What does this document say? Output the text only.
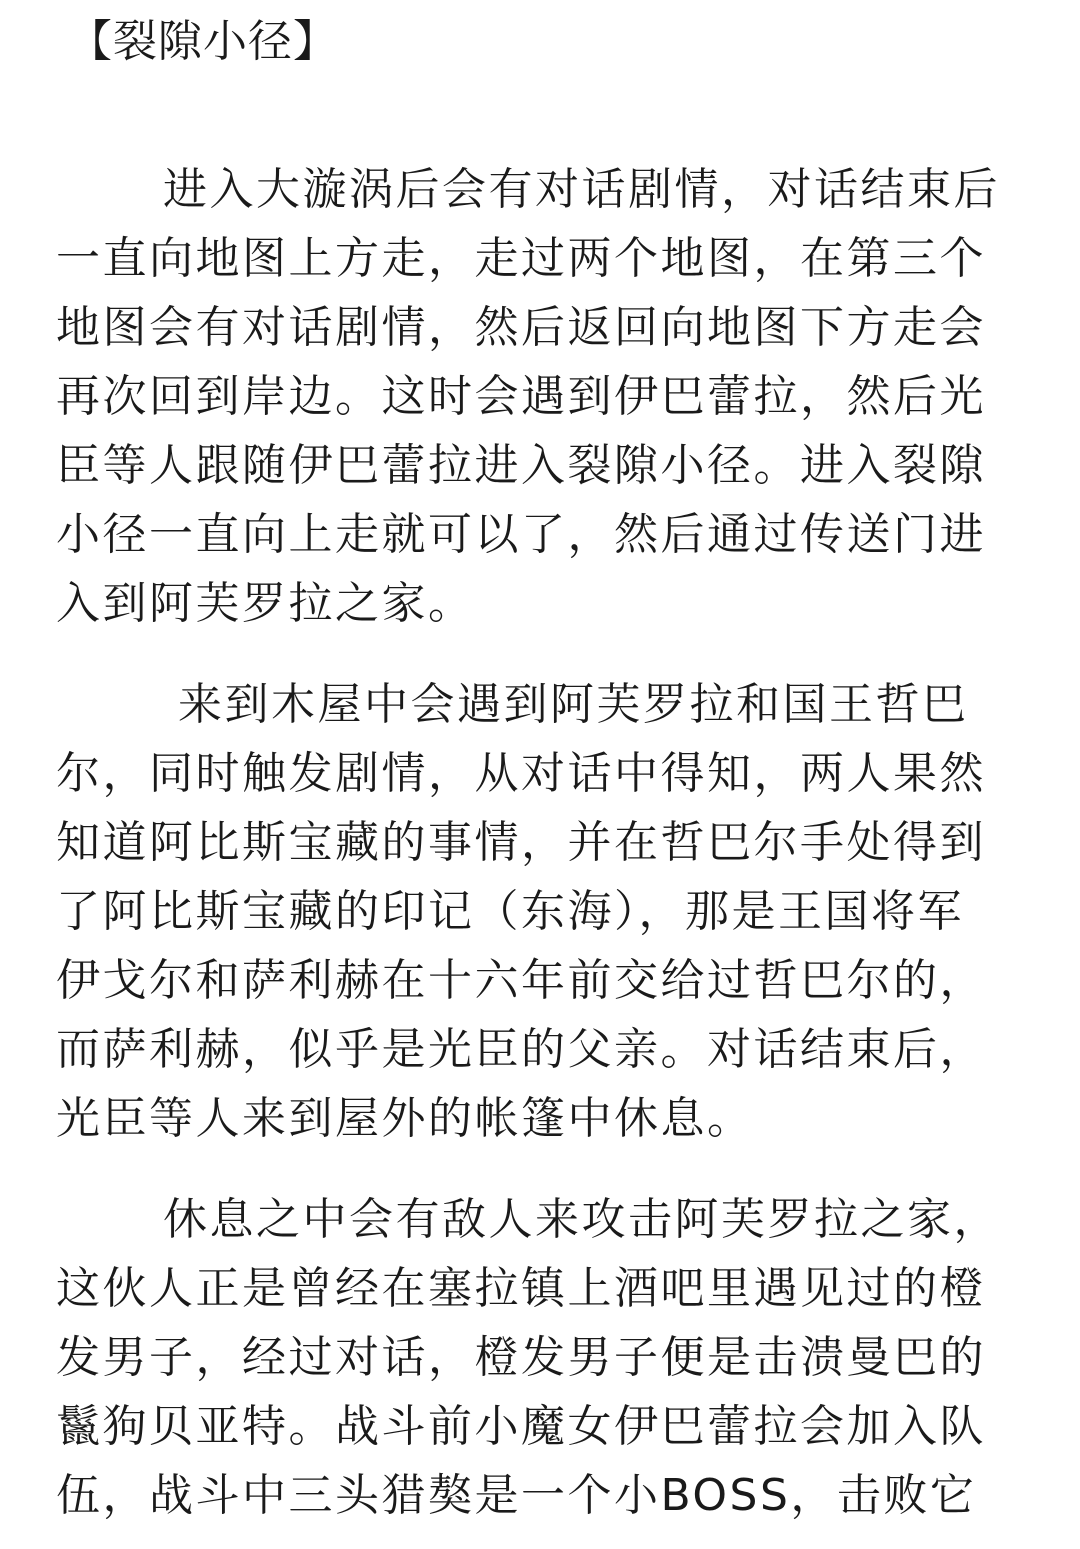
【裂隙小径】
进入大漩涡后会有对话剧情，对话结束后
一直向地图上方走，走过两个地图，在第三个
地图会有对话剧情，然后返回向地图下方走会
再次回到岸边。这时会遇到伊巴蕾拉，然后光
臣等人跟随伊巴蕾拉进入裂隙小径。进入裂隙
小径一直向上走就可以了，然后通过传送门进
入到阿芙罗拉之家。
来到木屋中会遇到阿芙罗拉和国王哲巴
尔，同时触发剧情，从对话中得知，两人果然
知道阿比斯宝藏的事情，并在哲巴尔手处得到
了阿比斯宝藏的印记（东海），那是王国将军
伊戈尔和萨利赫在十六年前交给过哲巴尔的，
而萨利赫，似乎是光臣的父亲。对话结束后，
光臣等人来到屋外的帐篷中休息。
休息之中会有敌人来攻击阿芙罗拉之家，
这伙人正是曾经在塞拉镇上酒吧里遇见过的橙
发男子，经过对话，橙发男子便是击溃曼巴的
鬣狗贝亚特。战斗前小魔女伊巴蕾拉会加入队
伍，战斗中三头猎獒是一个小BOSS，击败它
